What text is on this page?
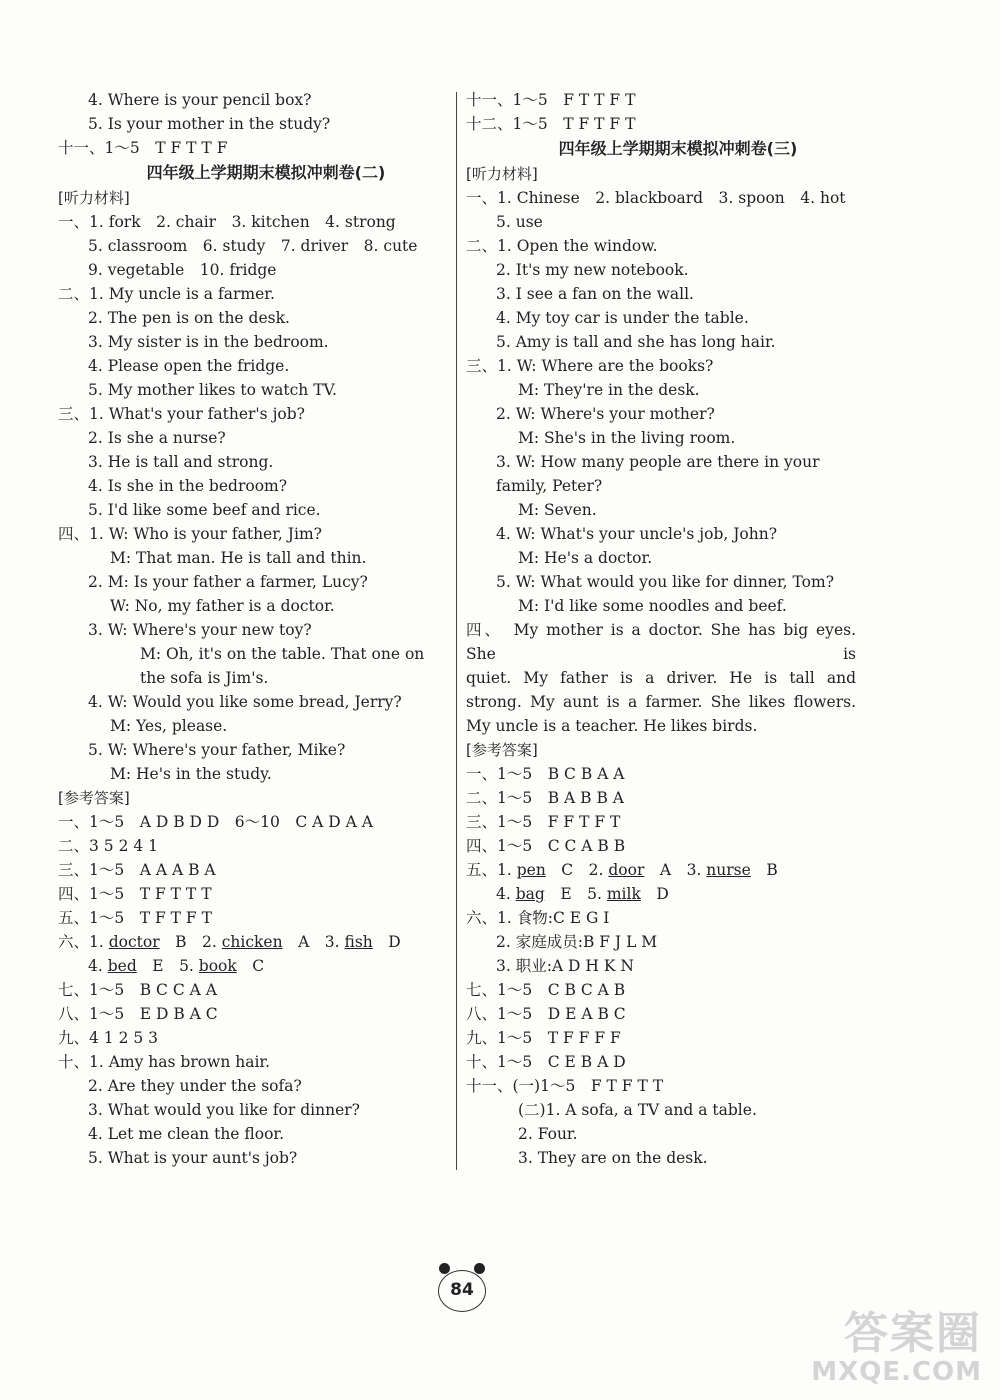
4. Where is your pencil box?
5. Is your mother in the study?
十一、1～5　T F T T F
四年级上学期期末模拟冲刺卷(二)
[听力材料]
一、1. fork　2. chair　3. kitchen　4. strong
5. classroom　6. study　7. driver　8. cute
9. vegetable　10. fridge
二、1. My uncle is a farmer.
2. The pen is on the desk.
3. My sister is in the bedroom.
4. Please open the fridge.
5. My mother likes to watch TV.
三、1. What's your father's job?
2. Is she a nurse?
3. He is tall and strong.
4. Is she in the bedroom?
5. I'd like some beef and rice.
四、1. W: Who is your father, Jim?
M: That man. He is tall and thin.
2. M: Is your father a farmer, Lucy?
W: No, my father is a doctor.
3. W: Where's your new toy?
M: Oh, it's on the table. That one on the sofa is Jim's.
4. W: Would you like some bread, Jerry?
M: Yes, please.
5. W: Where's your father, Mike?
M: He's in the study.
[参考答案]
一、1～5　A D B D D　6～10　C A D A A
二、3 5 2 4 1
三、1～5　A A A B A
四、1～5　T F T T T
五、1～5　T F T F T
六、1. doctor　B　2. chicken　A　3. fish　D
4. bed　E　5. book　C
七、1～5　B C C A A
八、1～5　E D B A C
九、4 1 2 5 3
十、1. Amy has brown hair.
2. Are they under the sofa?
3. What would you like for dinner?
4. Let me clean the floor.
5. What is your aunt's job?
十一、1～5　F T T F T
十二、1～5　T F T F T
四年级上学期期末模拟冲刺卷(三)
[听力材料]
一、1. Chinese　2. blackboard　3. spoon　4. hot
5. use
二、1. Open the window.
2. It's my new notebook.
3. I see a fan on the wall.
4. My toy car is under the table.
5. Amy is tall and she has long hair.
三、1. W: Where are the books?
M: They're in the desk.
2. W: Where's your mother?
M: She's in the living room.
3. W: How many people are there in your family, Peter?
M: Seven.
4. W: What's your uncle's job, John?
M: He's a doctor.
5. W: What would you like for dinner, Tom?
M: I'd like some noodles and beef.
四、　My mother is a doctor. She has big eyes. She is
quiet. My father is a driver. He is tall and
strong. My aunt is a farmer. She likes flowers.
My uncle is a teacher. He likes birds.
[参考答案]
一、1～5　B C B A A
二、1～5　B A B B A
三、1～5　F F T F T
四、1～5　C C A B B
五、1. pen　C　2. door　A　3. nurse　B
4. bag　E　5. milk　D
六、1. 食物:C E G I
2. 家庭成员:B F J L M
3. 职业:A D H K N
七、1～5　C B C A B
八、1～5　D E A B C
九、1～5　T F F F F
十、1～5　C E B A D
十一、(一)1～5　F T F T T
(二)1. A sofa, a TV and a table.
2. Four.
3. They are on the desk.
84
答案圈
MXQE.COM
